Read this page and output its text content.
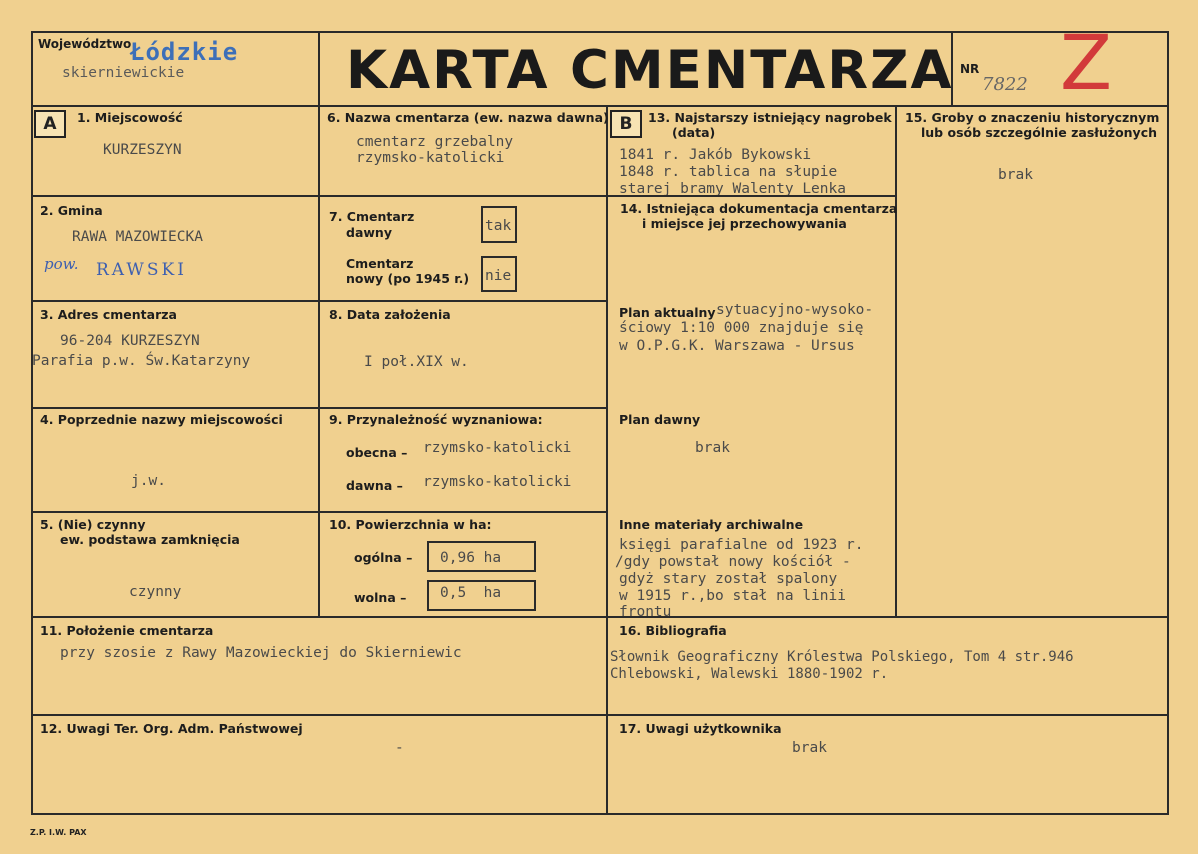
Województwo
Łódzkie
skierniewickie	KARTA CMENTARZA NR
7822 Z
A	B
1. Miejscowość
KURZESZYN
2. Gmina
RAWA MAZOWIECKA
pow. RAWSKI
3. Adres cmentarza
96-204 KURZESZYN
Parafia p.w. Św.Katarzyny
4. Poprzednie nazwy miejscowości
j.w.
5. (Nie) czynny
ew. podstawa zamknięcia
czynny
6. Nazwa cmentarza (ew. nazwa dawna)
cmentarz grzebalny
rzymsko-katolicki
7. Cmentarz
dawny	tak
Cmentarz
nowy (po 1945 r.) nie
8. Data założenia
I poł.XIX w.
9. Przynależność wyznaniowa:
obecna – rzymsko-katolicki
dawna – rzymsko-katolicki
10. Powierzchnia w ha:
ogólna – 0,96 ha
wolna – 0,5  ha
11. Położenie cmentarza
przy szosie z Rawy Mazowieckiej do Skierniewic
12. Uwagi Ter. Org. Adm. Państwowej
-
13. Najstarszy istniejący nagrobek
(data)
1841 r. Jakób Bykowski
1848 r. tablica na słupie
starej bramy Walenty Lenka
14. Istniejąca dokumentacja cmentarza
i miejsce jej przechowywania
Plan aktualny sytuacyjno-wysoko-
ściowy 1:10 000 znajduje się
w O.P.G.K. Warszawa - Ursus
Plan dawny
brak
Inne materiały archiwalne
księgi parafialne od 1923 r.
/gdy powstał nowy kościół -
gdyż stary został spalony
w 1915 r.,bo stał na linii
frontu
15. Groby o znaczeniu historycznym
lub osób szczególnie zasłużonych
brak
16. Bibliografia
Słownik Geograficzny Królestwa Polskiego, Tom 4 str.946
Chlebowski, Walewski 1880-1902 r.
17. Uwagi użytkownika
brak
Z.P. I.W. PAX
